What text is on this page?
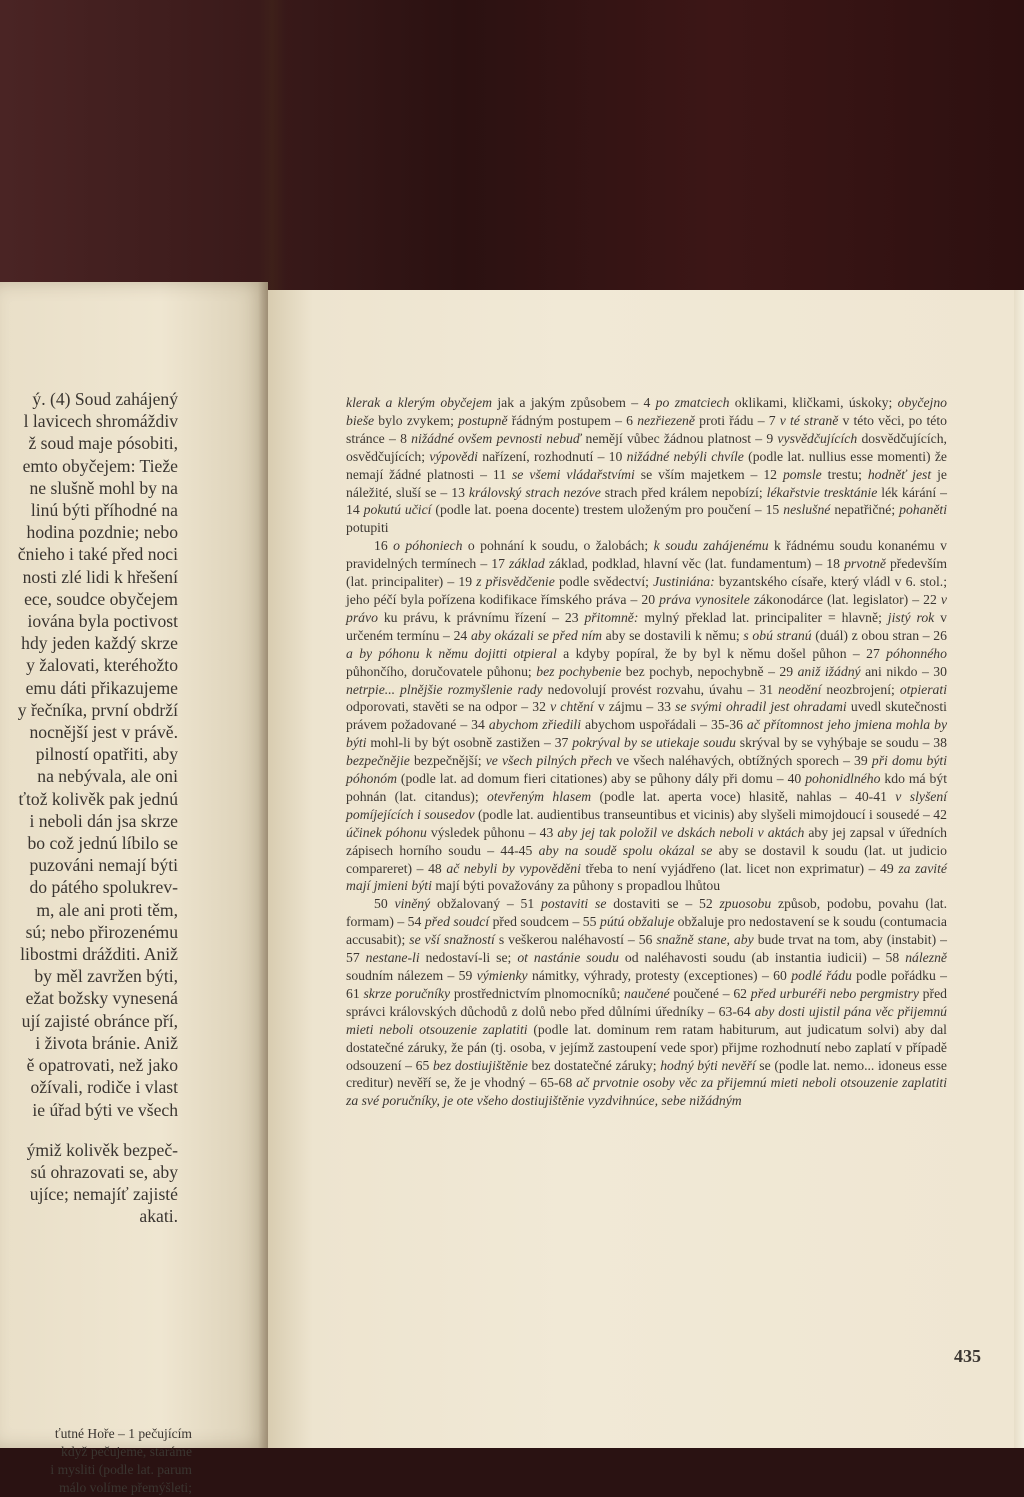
ý. (4) Soud zahájený
l lavicech shromáždiv
ž soud maje pósobiti,
emto obyčejem: Tieže
ne slušně mohl by na
linú býti příhodné na
hodina pozdnie; nebo
čnieho i také před noci
nosti zlé lidi k hřešení
ece, soudce obyčejem
iována byla poctivost
hdy jeden každý skrze
y žalovati, kteréhožto
emu dáti přikazujeme
y řečníka, první obdrží
nocnější jest v právě.
pilností opatřiti, aby
na nebývala, ale oni
ťtož kolivěk pak jednú
i neboli dán jsa skrze
bo což jednú líbilo se
puzováni nemají býti
do pátého spolukrev-
m, ale ani proti těm,
sú; nebo přirozenému
libostmi drážditi. Aniž
by měl zavržen býti,
ežat božsky vynesená
ují zajisté obránce pří,
i života bránie. Aniž
ě opatrovati, než jako
ožívali, rodiče i vlast
ie úřad býti ve všech
ýmiž kolivěk bezpeč-
sú ohrazovati se, aby
ujíce; nemajíť zajisté
akati.
ťutné Hoře – 1 pečujícím
když pečujeme, staráme
i mysliti (podle lat. parum
málo volíme přemýšleti;

klerak a klerým obyčejem jak a jakým způsobem – 4 po zmatciech oklikami, kličkami, úskoky; obyčejno bieše bylo zvykem; postupně řádným postupem – 6 nezřiezeně proti řádu – 7 v té straně v této věci, po této stránce – 8 nižádné ovšem pevnosti nebuď nemějí vůbec žádnou platnost – 9 vysvědčujících dosvědčujících, osvědčujících; výpovědi nařízení, rozhodnutí – 10 nižádné nebýli chvíle (podle lat. nullius esse momenti) že nemají žádné platnosti – 11 se všemi vládařstvími se vším majetkem – 12 pomsle trestu; hodněť jest je náležité, sluší se – 13 královský strach nezóve strach před králem nepobízí; lékařstvie tresktánie lék kárání – 14 pokutú učicí (podle lat. poena docente) trestem uloženým pro poučení – 15 neslušné nepatřičné; pohaněti potupiti

16 o póhoniech o pohnání k soudu, o žalobách; k soudu zahájenému k řádnému soudu konanému v pravidelných termínech – 17 základ základ, podklad, hlavní věc (lat. fundamentum) – 18 prvotně především (lat. principaliter) – 19 z přisvědčenie podle svědectví; Justiniána: byzantského císaře, který vládl v 6. stol.; jeho péčí byla pořízena kodifikace římského práva – 20 práva vynositele zákonodárce (lat. legislator) – 22 v právo ku právu, k právnímu řízení – 23 přitomně: mylný překlad lat. principaliter = hlavně; jistý rok v určeném termínu – 24 aby okázali se před ním aby se dostavili k němu; s obú stranú (duál) z obou stran – 26 a by póhonu k němu dojitti otpieral a kdyby popíral, že by byl k němu došel půhon – 27 póhonného půhončího, doručovatele půhonu; bez pochybenie bez pochyb, nepochybně – 29 aniž ižádný ani nikdo – 30 netrpie... plnějšie rozmyšlenie rady nedovolují provést rozvahu, úvahu – 31 neodění neozbrojení; otpierati odporovati, stavěti se na odpor – 32 v chtění v zájmu – 33 se svými ohradil jest ohradami uvedl skutečnosti právem požadované – 34 abychom zřiedili abychom uspořádali – 35-36 ač přítomnost jeho jmiena mohla by býti mohl-li by být osobně zastižen – 37 pokrýval by se utiekaje soudu skrýval by se vyhýbaje se soudu – 38 bezpečnějie bezpečnější; ve všech pilných přech ve všech naléhavých, obtížných sporech – 39 při domu býti póhonóm (podle lat. ad domum fieri citationes) aby se půhony dály při domu – 40 pohonidlného kdo má být pohnán (lat. citandus); otevřeným hlasem (podle lat. aperta voce) hlasitě, nahlas – 40-41 v slyšení pomíjejících i sousedov (podle lat. audientibus transeuntibus et vicinis) aby slyšeli mimojdoucí i sousedé – 42 účinek póhonu výsledek půhonu – 43 aby jej tak položil ve dskách neboli v aktách aby jej zapsal v úředních zápisech horního soudu – 44-45 aby na soudě spolu okázal se aby se dostavil k soudu (lat. ut judicio compareret) – 48 ač nebyli by vypověděni třeba to není vyjádřeno (lat. licet non exprimatur) – 49 za zavité mají jmieni býti mají býti považovány za půhony s propadlou lhůtou

50 viněný obžalovaný – 51 postaviti se dostaviti se – 52 zpuosobu způsob, podobu, povahu (lat. formam) – 54 před soudcí před soudcem – 55 pútú obžaluje obžaluje pro nedostavení se k soudu (contumacia accusabit); se vší snažností s veškerou naléhavostí – 56 snažně stane, aby bude trvat na tom, aby (instabit) – 57 nestane-li nedostaví-li se; ot nastánie soudu od naléhavosti soudu (ab instantia iudicii) – 58 nálezně soudním nálezem – 59 výmienky námitky, výhrady, protesty (exceptiones) – 60 podlé řádu podle pořádku – 61 skrze poručníky prostřednictvím plnomocníků; naučené poučené – 62 před urburéři nebo pergmistry před správci královských důchodů z dolů nebo před důlními úředníky – 63-64 aby dosti ujistil pána věc přijemnú mieti neboli otsouzenie zaplatiti (podle lat. dominum rem ratam habiturum, aut judicatum solvi) aby dal dostatečné záruky, že pán (tj. osoba, v jejímž zastoupení vede spor) přijme rozhodnutí nebo zaplatí v případě odsouzení – 65 bez dostiujištěnie bez dostatečné záruky; hodný býti nevěří se (podle lat. nemo... idoneus esse creditur) nevěří se, že je vhodný – 65-68 ač prvotnie osoby věc za přijemnú mieti neboli otsouzenie zaplatiti za své poručníky, je ote všeho dostiujištěnie vyzdvihnúce, sebe nižádným

435
